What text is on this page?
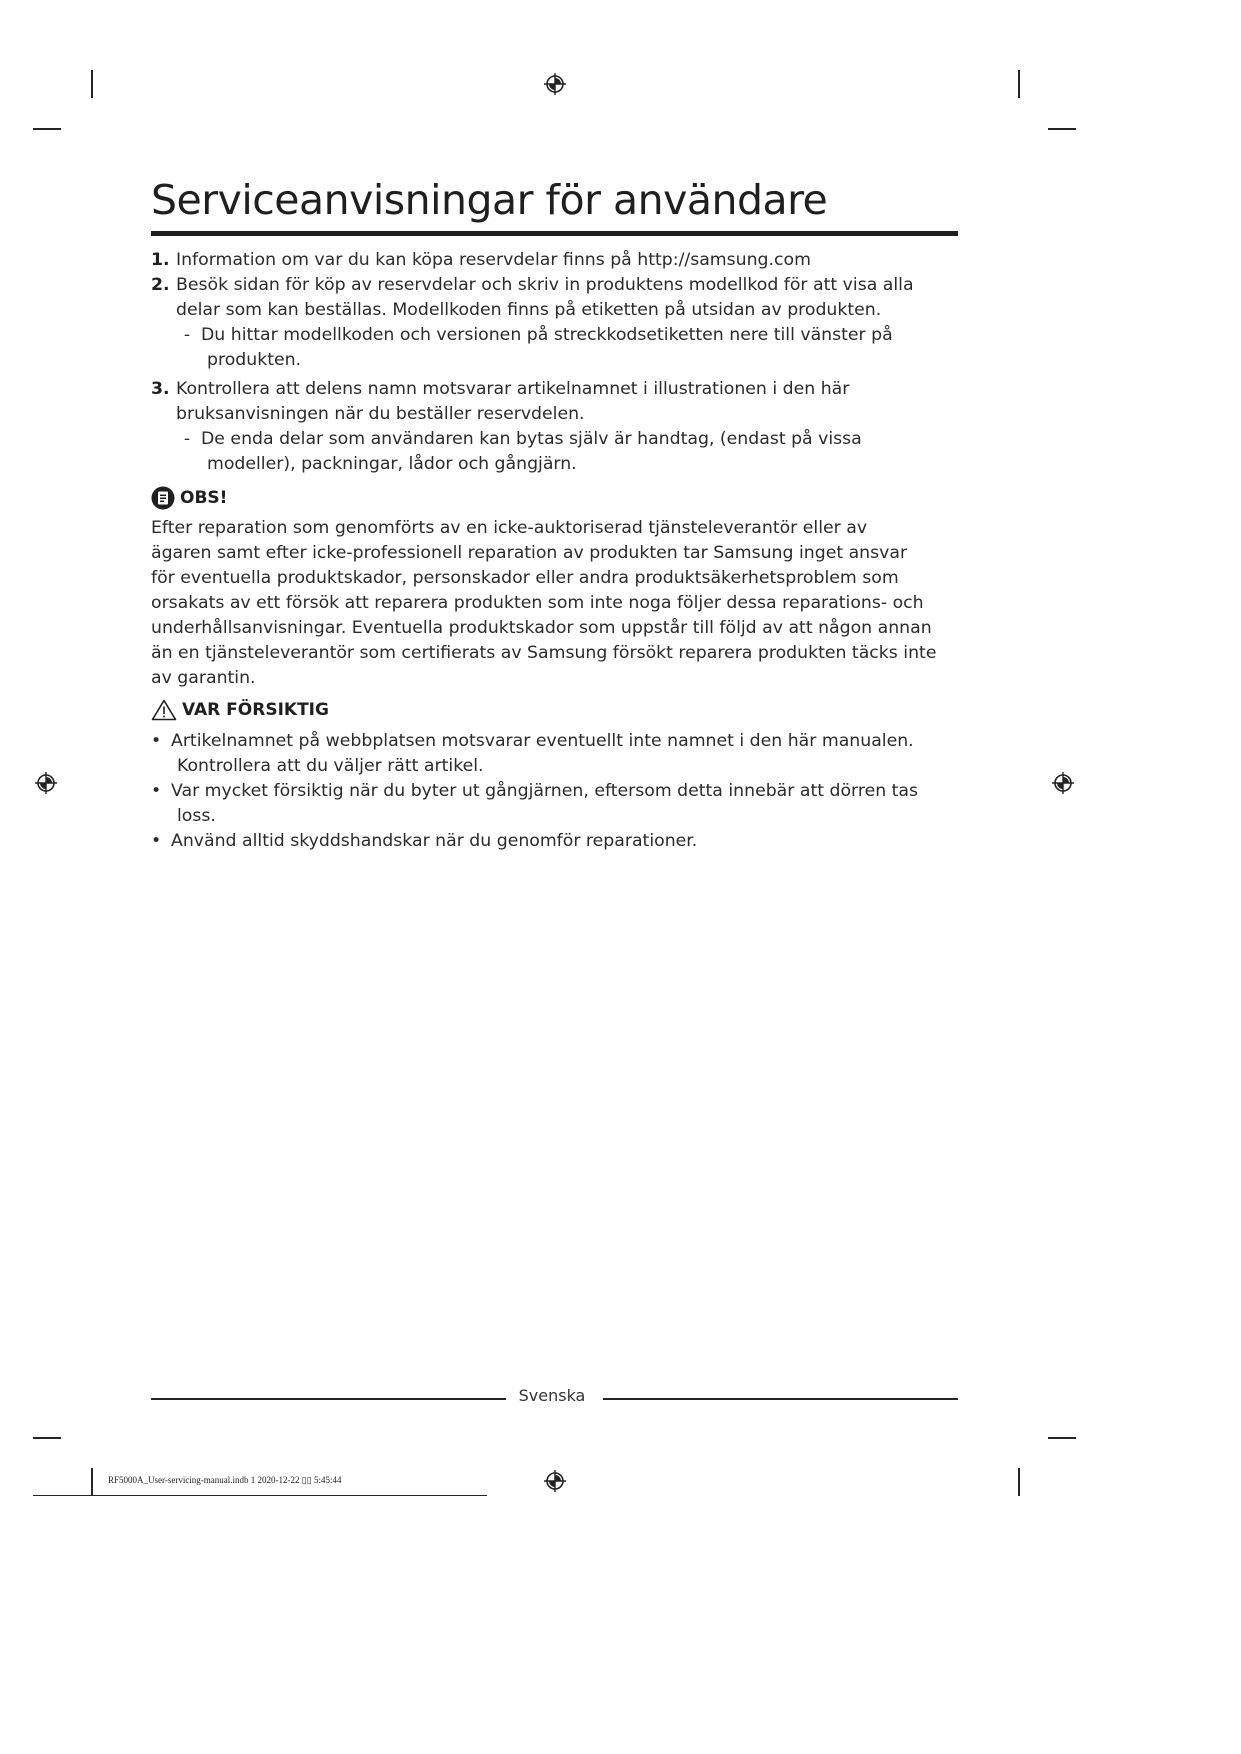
Serviceanvisningar för användare
1. Information om var du kan köpa reservdelar finns på http://samsung.com
2. Besök sidan för köp av reservdelar och skriv in produktens modellkod för att visa alla
delar som kan beställas. Modellkoden finns på etiketten på utsidan av produkten.
- Du hittar modellkoden och versionen på streckkodsetiketten nere till vänster på
produkten.
3. Kontrollera att delens namn motsvarar artikelnamnet i illustrationen i den här
bruksanvisningen när du beställer reservdelen.
- De enda delar som användaren kan bytas själv är handtag, (endast på vissa
modeller), packningar, lådor och gångjärn.
OBS!
Efter reparation som genomförts av en icke-auktoriserad tjänsteleverantör eller av
ägaren samt efter icke-professionell reparation av produkten tar Samsung inget ansvar
för eventuella produktskador, personskador eller andra produktsäkerhetsproblem som
orsakats av ett försök att reparera produkten som inte noga följer dessa reparations- och
underhållsanvisningar. Eventuella produktskador som uppstår till följd av att någon annan
än en tjänsteleverantör som certifierats av Samsung försökt reparera produkten täcks inte
av garantin.
VAR FÖRSIKTIG
• Artikelnamnet på webbplatsen motsvarar eventuellt inte namnet i den här manualen.
Kontrollera att du väljer rätt artikel.
• Var mycket försiktig när du byter ut gångjärnen, eftersom detta innebär att dörren tas
loss.
• Använd alltid skyddshandskar när du genomför reparationer.
Svenska
RF5000A_User-servicing-manual.indb 1 2020-12-22 ▯▯ 5:45:44
